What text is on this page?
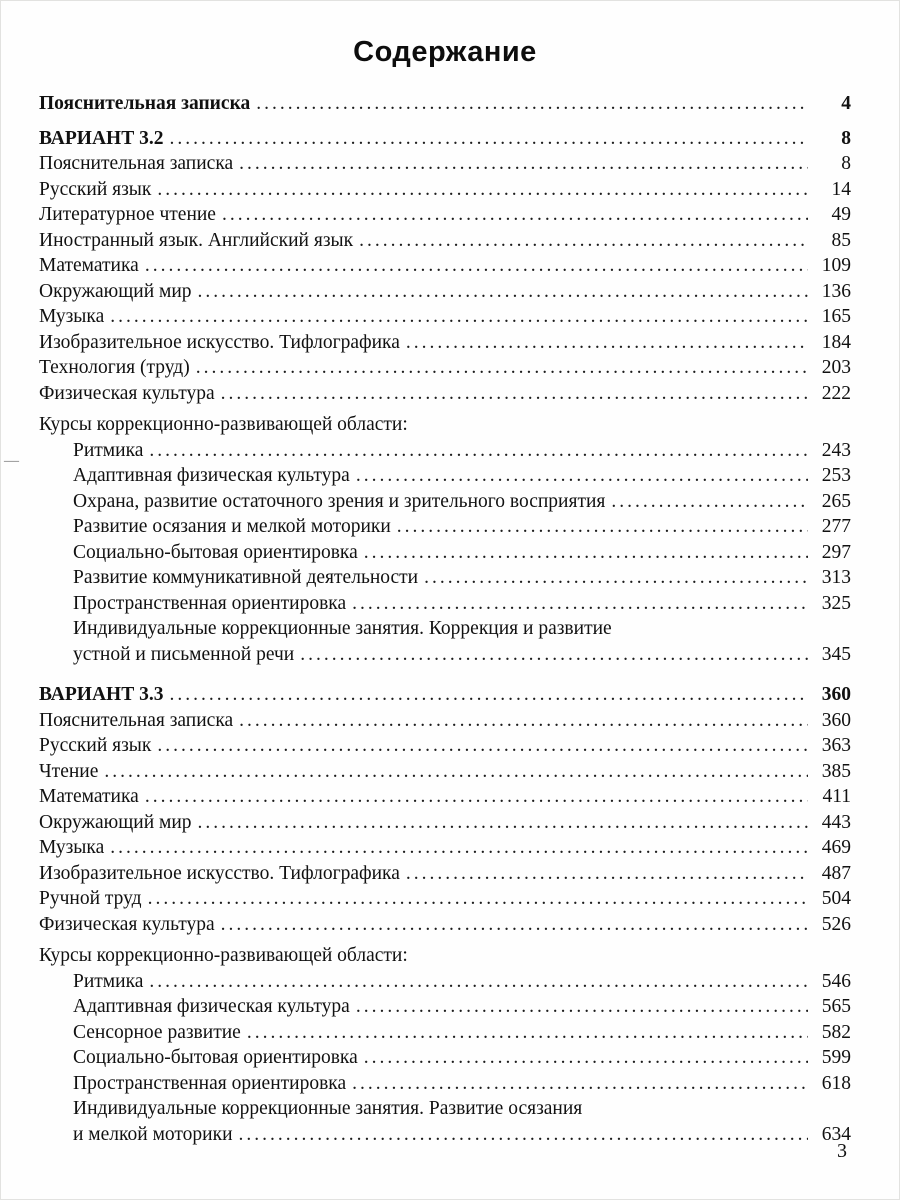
Содержание
Пояснительная записка .....	4
ВАРИАНТ 3.2 .....	8
Пояснительная записка .....	8
Русский язык .....	14
Литературное чтение .....	49
Иностранный язык. Английский язык .....	85
Математика .....	109
Окружающий мир .....	136
Музыка .....	165
Изобразительное искусство. Тифлографика .....	184
Технология (труд) .....	203
Физическая культура .....	222
Курсы коррекционно-развивающей области:
Ритмика .....	243
Адаптивная физическая культура .....	253
Охрана, развитие остаточного зрения и зрительного восприятия .....	265
Развитие осязания и мелкой моторики .....	277
Социально-бытовая ориентировка .....	297
Развитие коммуникативной деятельности .....	313
Пространственная ориентировка .....	325
Индивидуальные коррекционные занятия. Коррекция и развитие
устной и письменной речи .....	345
ВАРИАНТ 3.3 .....	360
Пояснительная записка .....	360
Русский язык .....	363
Чтение .....	385
Математика .....	411
Окружающий мир .....	443
Музыка .....	469
Изобразительное искусство. Тифлографика .....	487
Ручной труд .....	504
Физическая культура .....	526
Курсы коррекционно-развивающей области:
Ритмика .....	546
Адаптивная физическая культура .....	565
Сенсорное развитие .....	582
Социально-бытовая ориентировка .....	599
Пространственная ориентировка .....	618
Индивидуальные коррекционные занятия. Развитие осязания
и мелкой моторики .....	634
3
—
